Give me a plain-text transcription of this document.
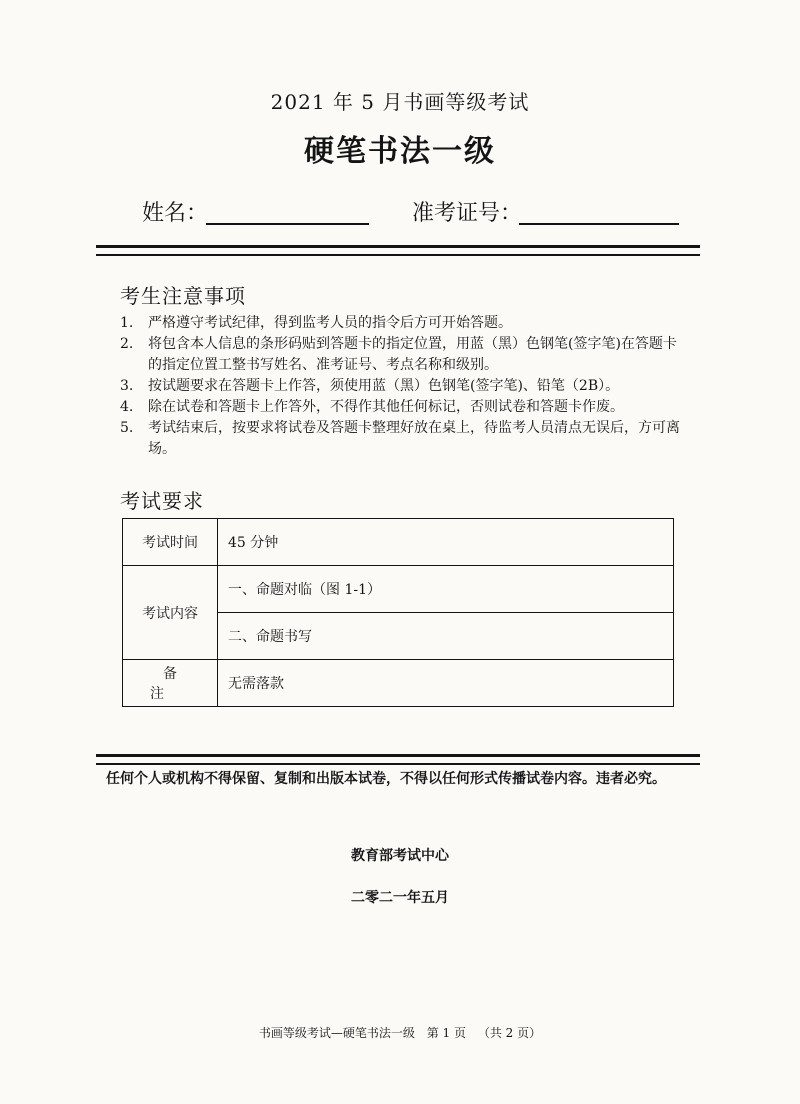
2021 年 5 月书画等级考试
硬笔书法一级
姓名：	准考证号：
考生注意事项
1. 严格遵守考试纪律，得到监考人员的指令后方可开始答题。
2. 将包含本人信息的条形码贴到答题卡的指定位置，用蓝（黑）色钢笔(签字笔)在答题卡的指定位置工整书写姓名、准考证号、考点名称和级别。
3. 按试题要求在答题卡上作答，须使用蓝（黑）色钢笔(签字笔)、铅笔（2B）。
4. 除在试卷和答题卡上作答外，不得作其他任何标记，否则试卷和答题卡作废。
5. 考试结束后，按要求将试卷及答题卡整理好放在桌上，待监考人员清点无误后，方可离场。
考试要求
考试时间	45 分钟
考试内容	一、命题对临（图 1-1）
	二、命题书写
备注	无需落款
任何个人或机构不得保留、复制和出版本试卷，不得以任何形式传播试卷内容。违者必究。
教育部考试中心
二零二一年五月
书画等级考试—硬笔书法一级 第 1 页 （共 2 页）
